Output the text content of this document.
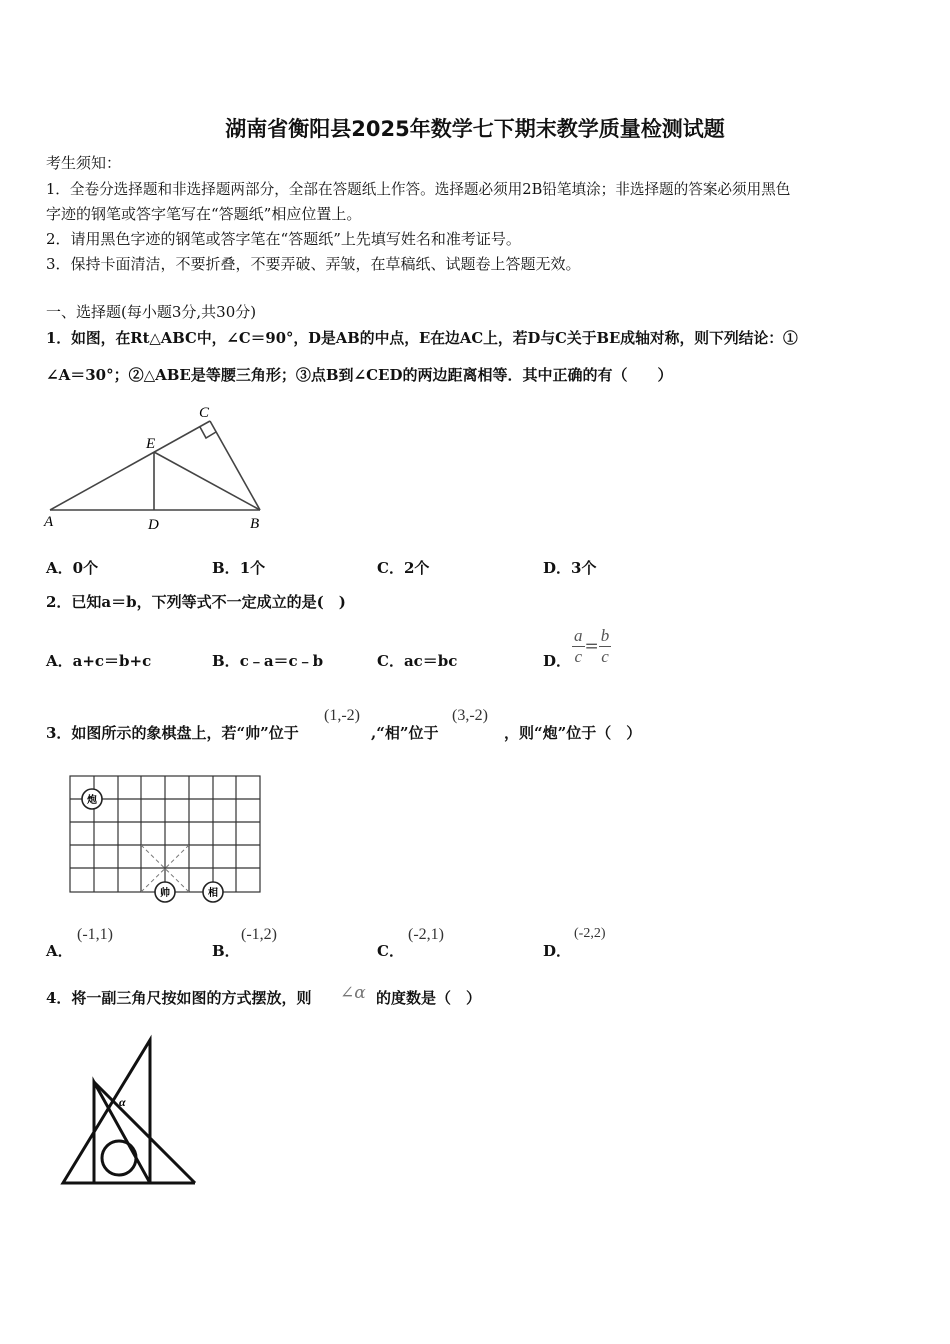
湖南省衡阳县2025年数学七下期末教学质量检测试题
考生须知：
1．全卷分选择题和非选择题两部分，全部在答题纸上作答。选择题必须用2B铅笔填涂；非选择题的答案必须用黑色
字迹的钢笔或答字笔写在“答题纸”相应位置上。
2．请用黑色字迹的钢笔或答字笔在“答题纸”上先填写姓名和准考证号。
3．保持卡面清洁，不要折叠，不要弄破、弄皱，在草稿纸、试题卷上答题无效。
一、选择题(每小题3分,共30分)
1．如图，在Rt△ABC中，∠C＝90°，D是AB的中点，E在边AC上，若D与C关于BE成轴对称，则下列结论：①
∠A＝30°；②△ABE是等腰三角形；③点B到∠CED的两边距离相等．其中正确的有（　　）
A	D	B
E
C
A．0个	B．1个	C．2个	D．3个
2．已知a＝b，下列等式不一定成立的是(　)
A．a+c＝b+c	B．c﹣a＝c﹣b	C．ac＝bc	D． $\frac{a}{c} = \frac{b}{c}$
3．如图所示的象棋盘上，若“帅”位于
(1,-2)
,“相”位于
(3,-2)
，则“炮”位于（　）
炮
帅	相
A．
(-1,1)
B．
(-1,2)
C．
(-2,1)
D．
(-2,2)
4．将一副三角尺按如图的方式摆放，则 ∠α 的度数是（　）
α
